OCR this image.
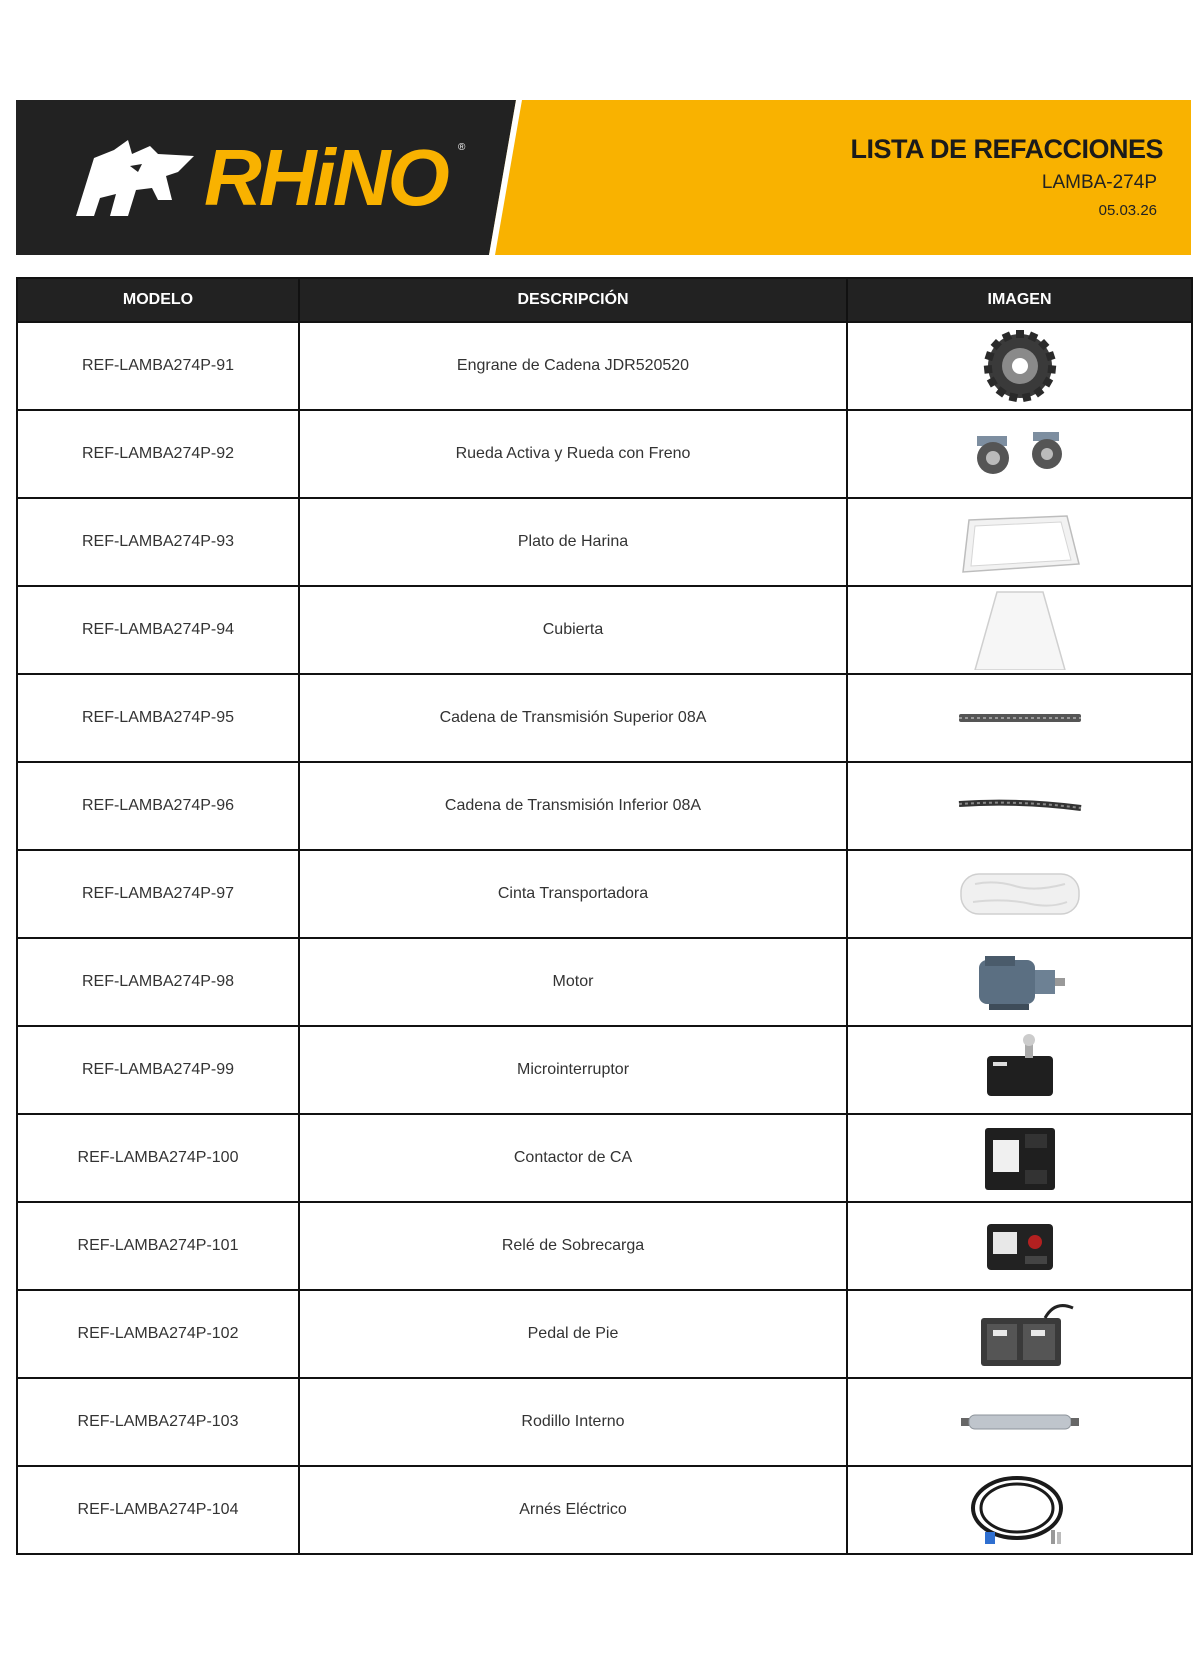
RHiNO ®	LISTA DE REFACCIONES
LAMBA-274P
05.03.26
MODELO	DESCRIPCIÓN	IMAGEN
REF-LAMBA274P-91	Engrane de Cadena JDR520520	

REF-LAMBA274P-92	Rueda Activa y Rueda con Freno	

REF-LAMBA274P-93	Plato de Harina	

REF-LAMBA274P-94	Cubierta	

REF-LAMBA274P-95	Cadena de Transmisión Superior 08A	

REF-LAMBA274P-96	Cadena de Transmisión Inferior 08A	

REF-LAMBA274P-97	Cinta Transportadora	

REF-LAMBA274P-98	Motor	

REF-LAMBA274P-99	Microinterruptor	

REF-LAMBA274P-100	Contactor de CA	

REF-LAMBA274P-101	Relé de Sobrecarga	

REF-LAMBA274P-102	Pedal de Pie	

REF-LAMBA274P-103	Rodillo Interno	

REF-LAMBA274P-104	Arnés Eléctrico	
